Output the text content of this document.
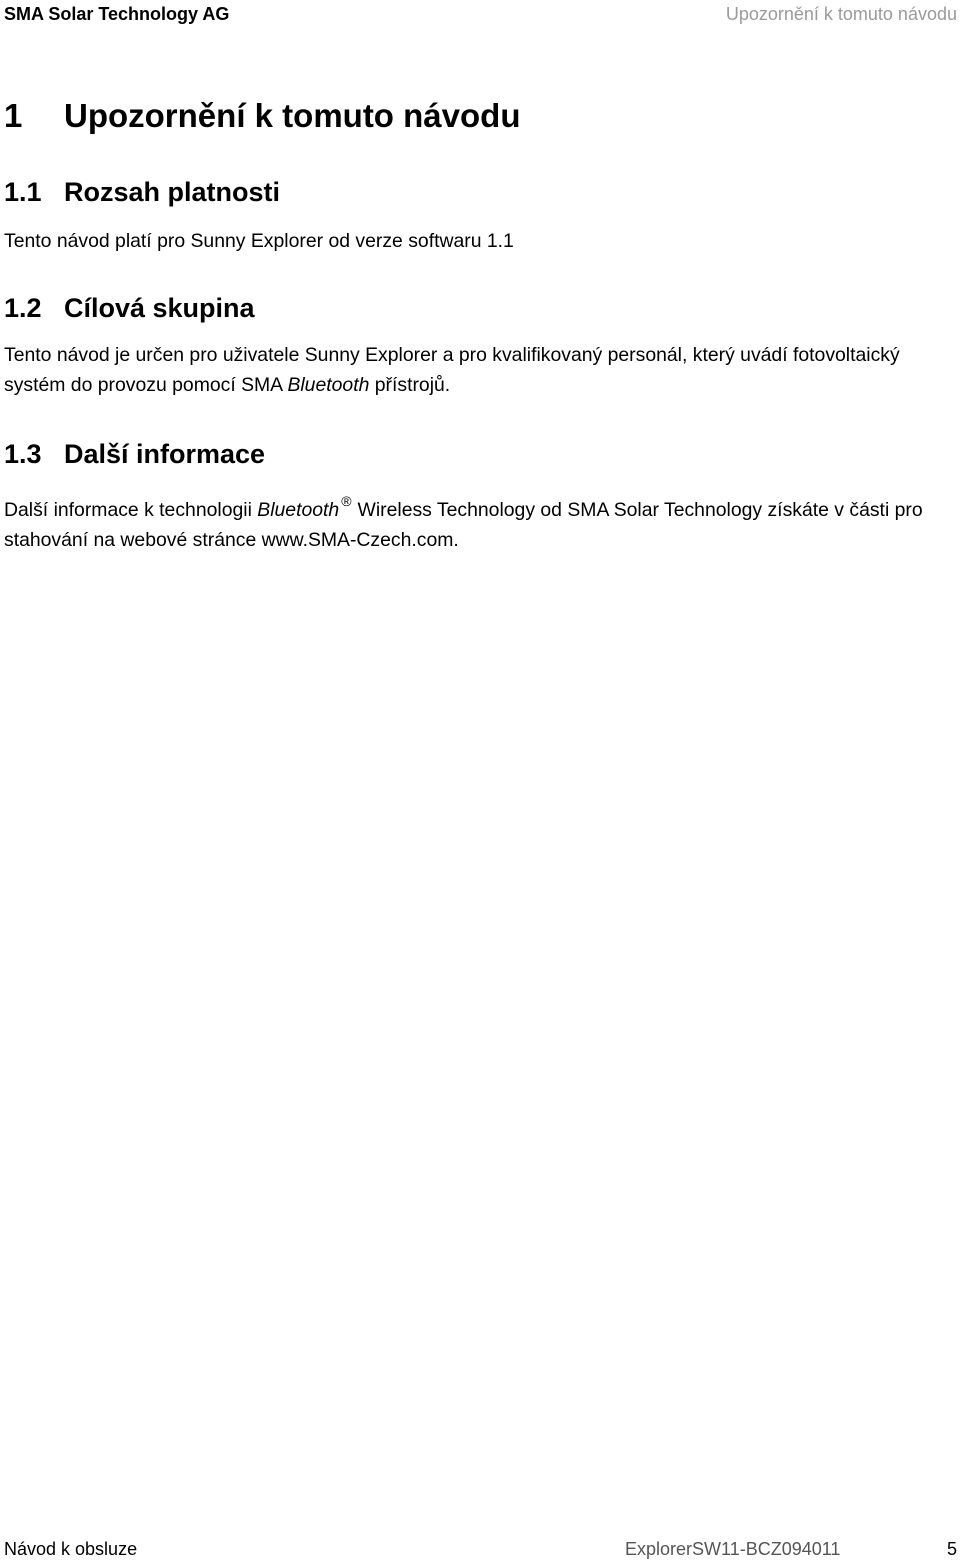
SMA Solar Technology AG	Upozornění k tomuto návodu
1 Upozornění k tomuto návodu
1.1 Rozsah platnosti
Tento návod platí pro Sunny Explorer od verze softwaru 1.1
1.2 Cílová skupina
Tento návod je určen pro uživatele Sunny Explorer a pro kvalifikovaný personál, který uvádí fotovoltaický systém do provozu pomocí SMA Bluetooth přístrojů.
1.3 Další informace
Další informace k technologii Bluetooth ® Wireless Technology od SMA Solar Technology získáte v části pro stahování na webové stránce www.SMA-Czech.com.
Návod k obsluze	ExplorerSW11-BCZ094011	5
